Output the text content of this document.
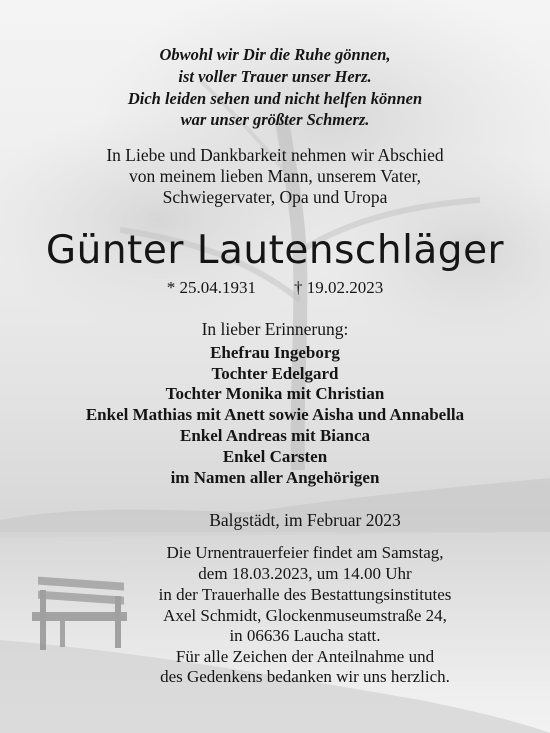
Obwohl wir Dir die Ruhe gönnen,
ist voller Trauer unser Herz.
Dich leiden sehen und nicht helfen können
war unser größter Schmerz.
In Liebe und Dankbarkeit nehmen wir Abschied
von meinem lieben Mann, unserem Vater,
Schwiegervater, Opa und Uropa
Günter Lautenschläger
* 25.04.1931 † 19.02.2023
In lieber Erinnerung:
Ehefrau Ingeborg
Tochter Edelgard
Tochter Monika mit Christian
Enkel Mathias mit Anett sowie Aisha und Annabella
Enkel Andreas mit Bianca
Enkel Carsten
im Namen aller Angehörigen
Balgstädt, im Februar 2023
Die Urnentrauerfeier findet am Samstag,
dem 18.03.2023, um 14.00 Uhr
in der Trauerhalle des Bestattungsinstitutes
Axel Schmidt, Glockenmuseumstraße 24,
in 06636 Laucha statt.
Für alle Zeichen der Anteilnahme und
des Gedenkens bedanken wir uns herzlich.
